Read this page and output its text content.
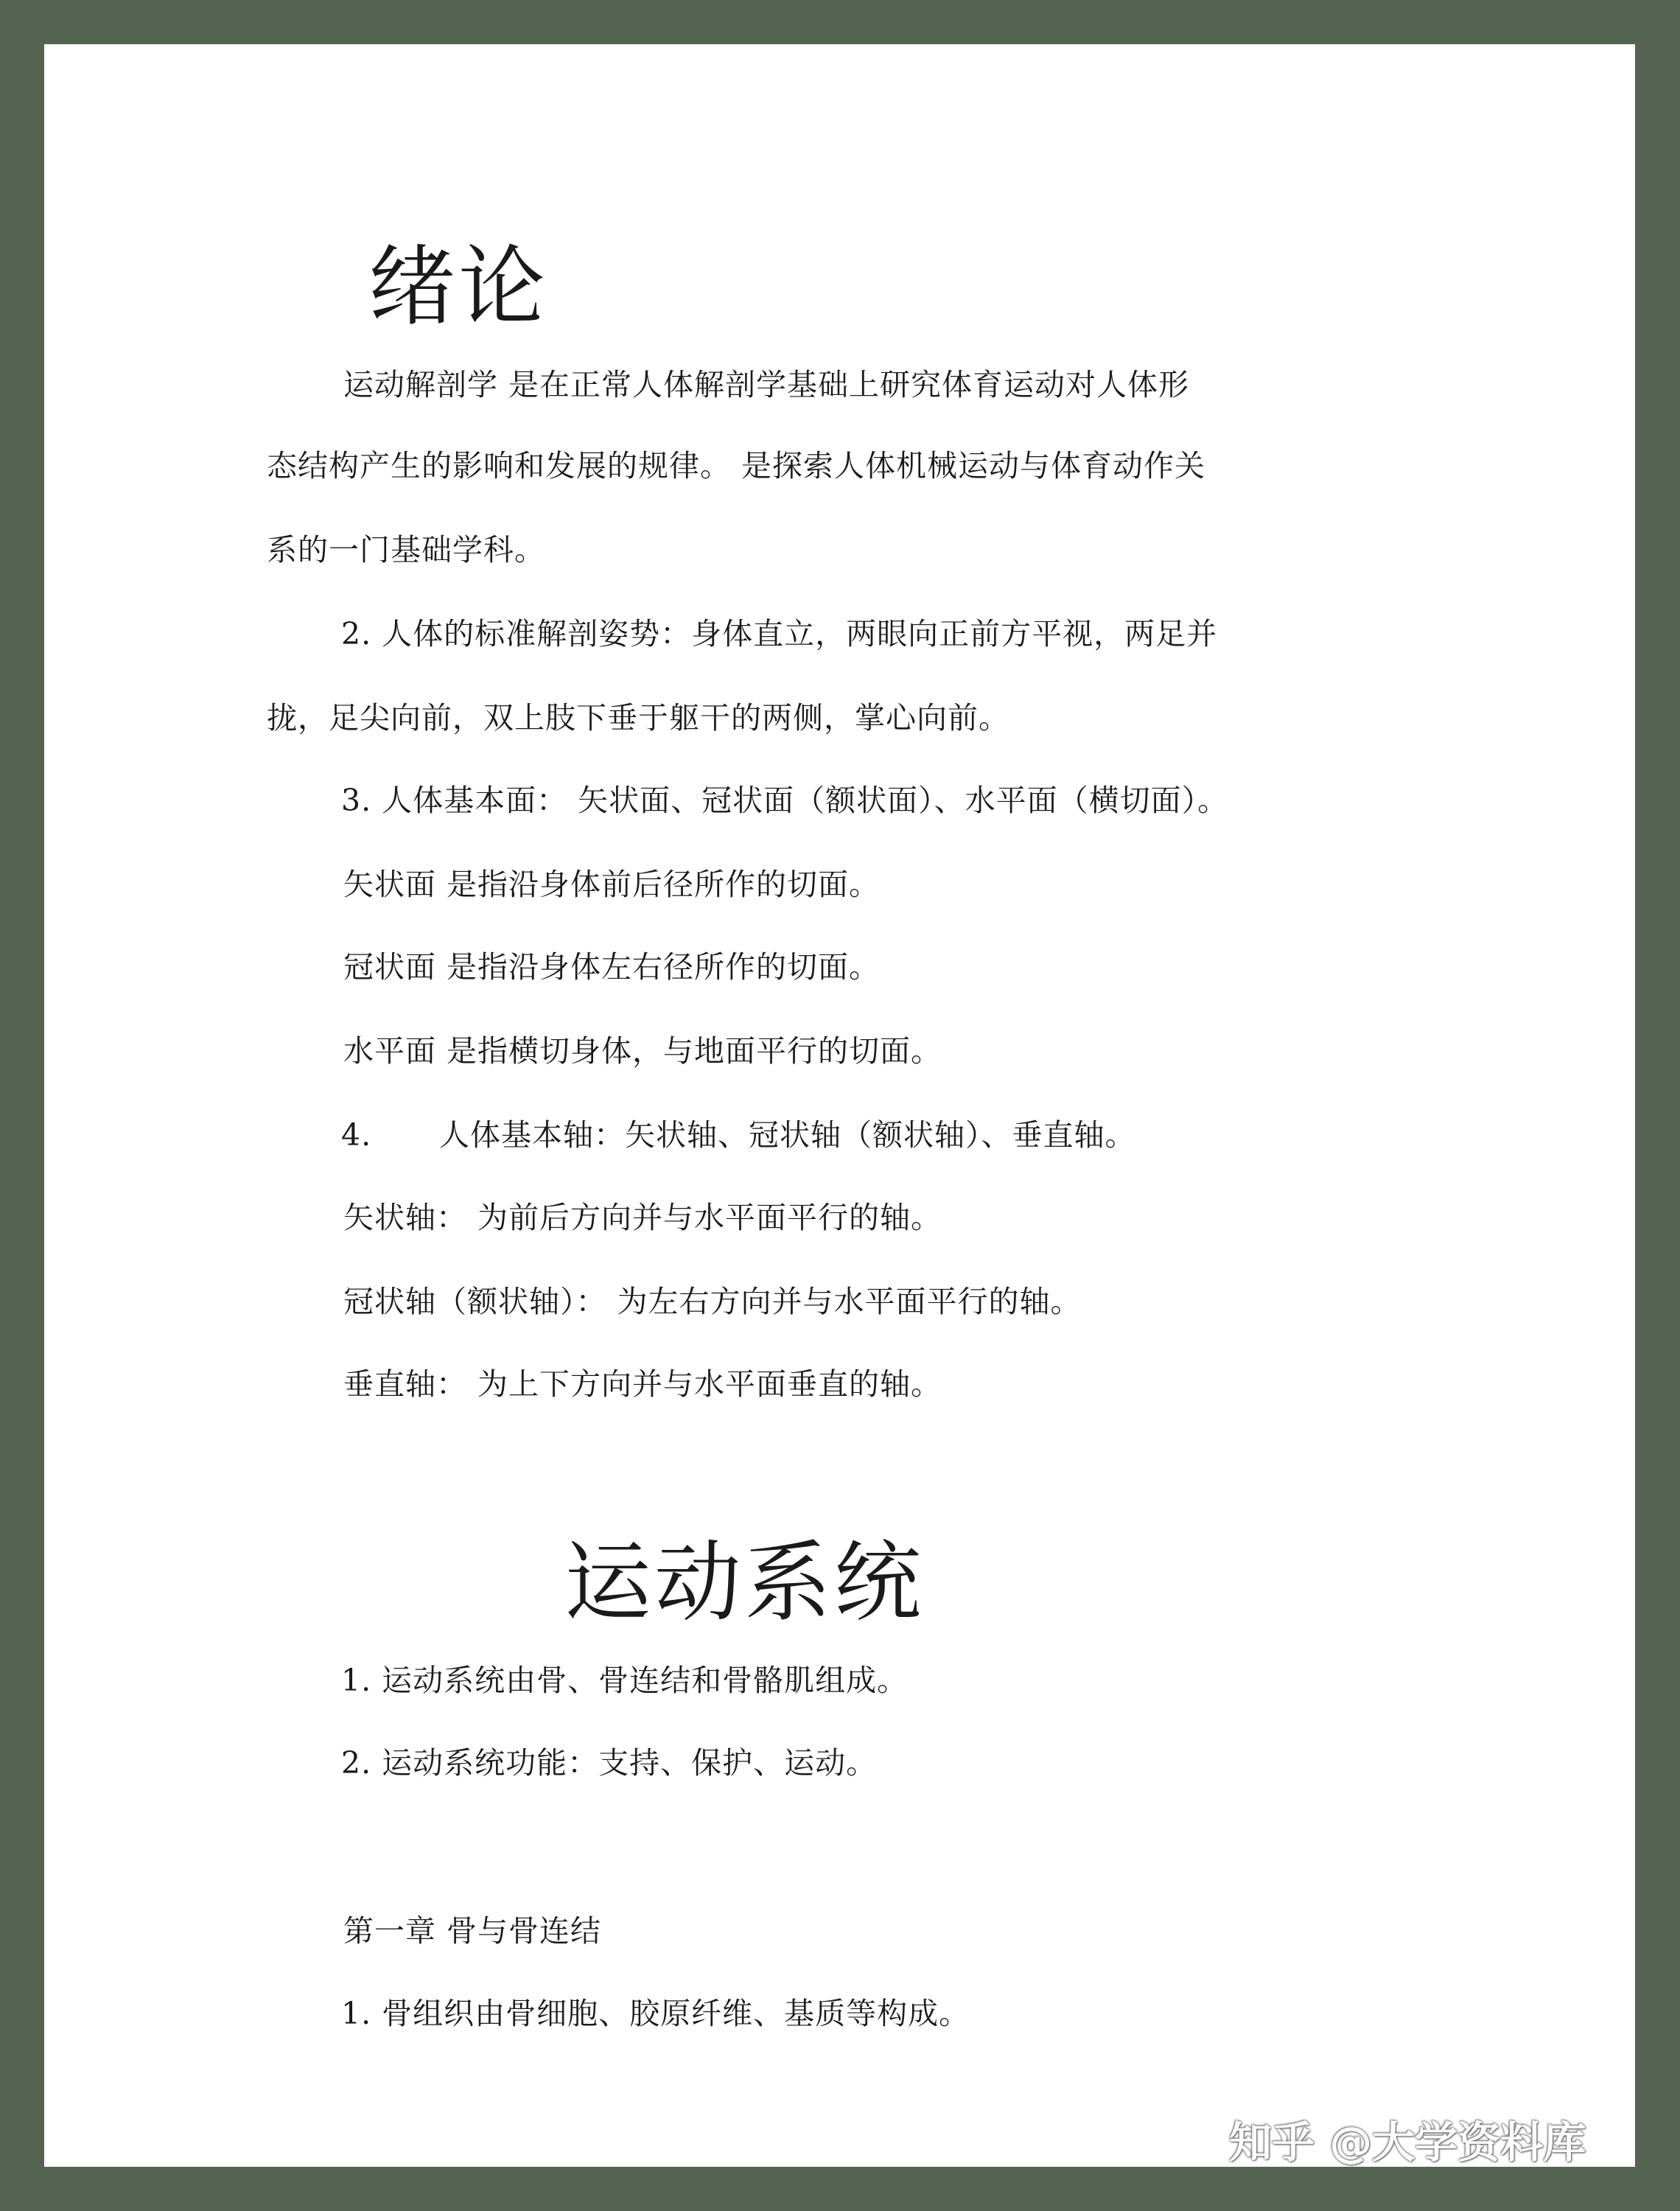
绪论
运动解剖学 是在正常人体解剖学基础上研究体育运动对人体形
态结构产生的影响和发展的规律。 是探索人体机械运动与体育动作关
系的一门基础学科。
2. 人体的标准解剖姿势：身体直立，两眼向正前方平视，两足并
拢，足尖向前，双上肢下垂于躯干的两侧，掌心向前。
3. 人体基本面： 矢状面、冠状面（额状面）、水平面（横切面）。
矢状面 是指沿身体前后径所作的切面。
冠状面 是指沿身体左右径所作的切面。
水平面 是指横切身体，与地面平行的切面。
4. 人体基本轴：矢状轴、冠状轴（额状轴）、垂直轴。
矢状轴： 为前后方向并与水平面平行的轴。
冠状轴（额状轴）： 为左右方向并与水平面平行的轴。
垂直轴： 为上下方向并与水平面垂直的轴。
运动系统
1. 运动系统由骨、骨连结和骨骼肌组成。
2. 运动系统功能：支持、保护、运动。
第一章 骨与骨连结
1. 骨组织由骨细胞、胶原纤维、基质等构成。
知乎 @大学资料库
